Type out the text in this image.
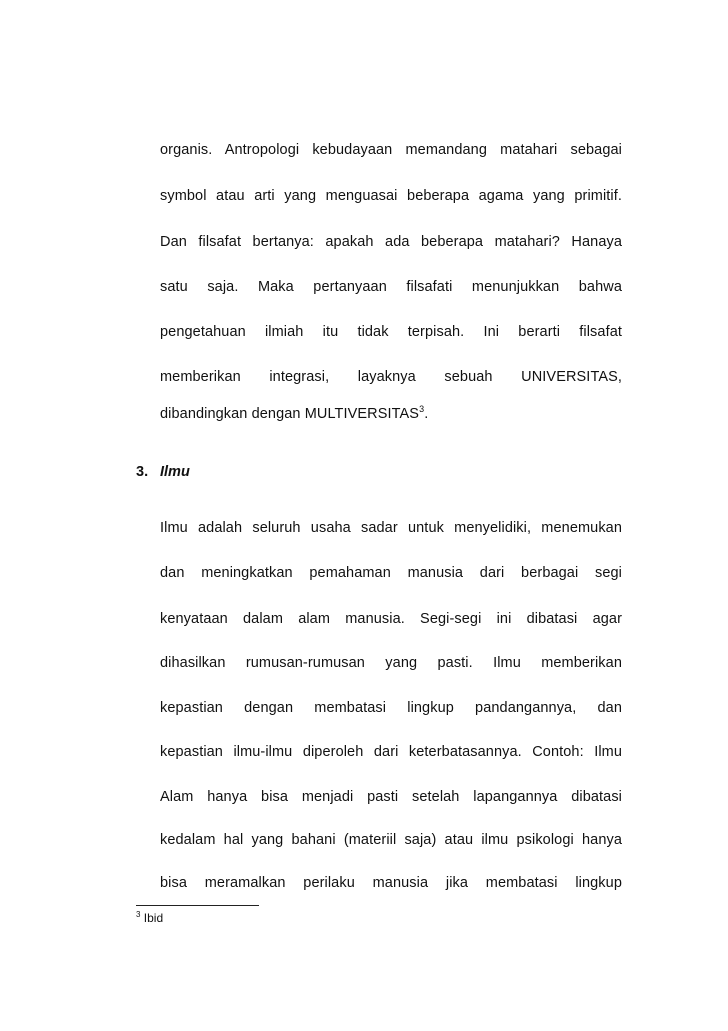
organis. Antropologi kebudayaan memandang matahari sebagai
symbol atau arti yang menguasai beberapa agama yang primitif.
Dan filsafat bertanya: apakah ada beberapa matahari? Hanaya
satu saja. Maka pertanyaan filsafati menunjukkan bahwa
pengetahuan ilmiah itu tidak terpisah. Ini berarti filsafat
memberikan integrasi, layaknya sebuah UNIVERSITAS,
dibandingkan dengan MULTIVERSITAS$^3$.
3. Ilmu
Ilmu adalah seluruh usaha sadar untuk menyelidiki, menemukan
dan meningkatkan pemahaman manusia dari berbagai segi
kenyataan dalam alam manusia. Segi-segi ini dibatasi agar
dihasilkan rumusan-rumusan yang pasti. Ilmu memberikan
kepastian dengan membatasi lingkup pandangannya, dan
kepastian ilmu-ilmu diperoleh dari keterbatasannya. Contoh: Ilmu
Alam hanya bisa menjadi pasti setelah lapangannya dibatasi
kedalam hal yang bahani (materiil saja) atau ilmu psikologi hanya
bisa meramalkan perilaku manusia jika membatasi lingkup
$^3$ Ibid
